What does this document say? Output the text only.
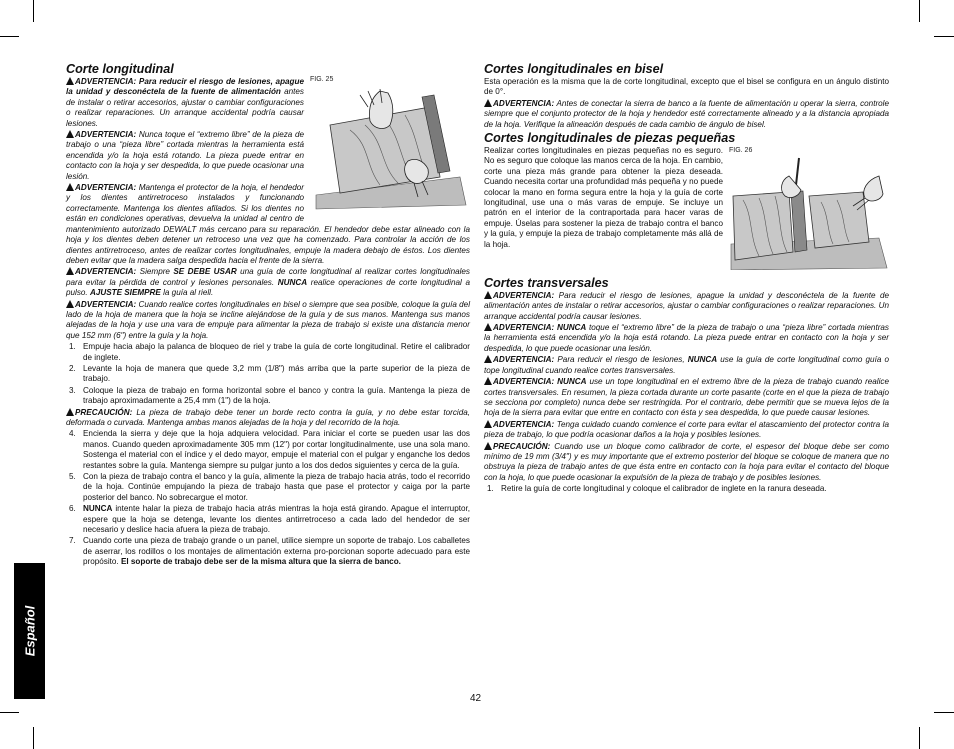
Corte longitudinal
FIG. 25

ADVERTENCIA: Para reducir el riesgo de lesiones, apague la unidad y desconéctela de la fuente de alimentación antes de instalar o retirar accesorios, ajustar o cambiar configuraciones o realizar reparaciones. Un arranque accidental podría causar lesiones.

ADVERTENCIA: Nunca toque el “extremo libre” de la pieza de trabajo o una “pieza libre” cortada mientras la herramienta está encendida y/o la hoja está rotando. La pieza puede entrar en contacto con la hoja y ser despedida, lo que puede ocasionar una lesión.

ADVERTENCIA: Mantenga el protector de la hoja, el hendedor y los dientes antirretroceso instalados y funcionando correctamente. Mantenga los dientes afilados. Si los dientes no están en condiciones operativas, devuelva la unidad al centro de mantenimiento autorizado DEWALT más cercano para su reparación. El hendedor debe estar alineado con la hoja y los dientes deben detener un retroceso una vez que ha comenzado. Para controlar la acción de los dientes antirretroceso, antes de realizar cortes longitudinales, empuje la madera debajo de éstos. Los dientes deben evitar que la madera salga despedida hacia el frente de la sierra.

ADVERTENCIA: Siempre SE DEBE USAR una guía de corte longitudinal al realizar cortes longitudinales para evitar la pérdida de control y lesiones personales. NUNCA realice operaciones de corte longitudinal a pulso. AJUSTE SIEMPRE la guía al riell.

ADVERTENCIA: Cuando realice cortes longitudinales en bisel o siempre que sea posible, coloque la guía del lado de la hoja de manera que la hoja se incline alejándose de la guía y de sus manos. Mantenga sus manos alejadas de la hoja y use una vara de empuje para alimentar la pieza de trabajo si existe una distancia menor que 152 mm (6") entre la guía y la hoja.

1. Empuje hacia abajo la palanca de bloqueo de riel y trabe la guía de corte longitudinal. Retire el calibrador de inglete.
2. Levante la hoja de manera que quede 3,2 mm (1/8") más arriba que la parte superior de la pieza de trabajo.
3. Coloque la pieza de trabajo en forma horizontal sobre el banco y contra la guía. Mantenga la pieza de trabajo aproximadamente a 25,4 mm (1") de la hoja.

PRECAUCIÓN: La pieza de trabajo debe tener un borde recto contra la guía, y no debe estar torcida, deformada o curvada. Mantenga ambas manos alejadas de la hoja y del recorrido de la hoja.

4. Encienda la sierra y deje que la hoja adquiera velocidad. Para iniciar el corte se pueden usar las dos manos. Cuando queden aproximadamente 305 mm (12") por cortar longitudinalmente, use una sola mano. Sostenga el material con el índice y el dedo mayor, empuje el material con el pulgar y enganche los dedos restantes sobre la guía. Mantenga siempre su pulgar junto a los dos dedos siguientes y cerca de la guía.
5. Con la pieza de trabajo contra el banco y la guía, alimente la pieza de trabajo hacia atrás, todo el recorrido de la hoja. Continúe empujando la pieza de trabajo hasta que pase el protector y caiga por la parte posterior del banco. No sobrecargue el motor.
6. NUNCA intente halar la pieza de trabajo hacia atrás mientras la hoja está girando. Apague el interruptor, espere que la hoja se detenga, levante los dientes antirretroceso a cada lado del hendedor de ser necesario y deslice hacia afuera la pieza de trabajo.
7. Cuando corte una pieza de trabajo grande o un panel, utilice siempre un soporte de trabajo. Los caballetes de aserrar, los rodillos o los montajes de alimentación externa pro-porcionan soporte adecuado para este propósito. El soporte de trabajo debe ser de la misma altura que la sierra de banco.
Cortes longitudinales en bisel

Esta operación es la misma que la de corte longitudinal, excepto que el bisel se configura en un ángulo distinto de 0°.

ADVERTENCIA: Antes de conectar la sierra de banco a la fuente de alimentación u operar la sierra, controle siempre que el conjunto protector de la hoja y hendedor esté correctamente alineado y a la distancia apropiada de la hoja. Verifique la alineación después de cada cambio de ángulo de bisel.

Cortes longitudinales de piezas pequeñas
FIG. 26

Realizar cortes longitudinales en piezas pequeñas no es seguro. No es seguro que coloque las manos cerca de la hoja. En cambio, corte una pieza más grande para obtener la pieza deseada. Cuando necesita cortar una profundidad más pequeña y no puede colocar la mano en forma segura entre la hoja y la guía de corte longitudinal, use una o más varas de empuje. Se incluye un patrón en el interior de la contraportada para hacer varas de empuje. Úselas para sostener la pieza de trabajo contra el banco y la guía, y empuje la pieza de trabajo completamente más allá de la hoja.

Cortes transversales

ADVERTENCIA: Para reducir el riesgo de lesiones, apague la unidad y desconéctela de la fuente de alimentación antes de instalar o retirar accesorios, ajustar o cambiar configuraciones o realizar reparaciones. Un arranque accidental podría causar lesiones.

ADVERTENCIA: NUNCA toque el “extremo libre” de la pieza de trabajo o una “pieza libre” cortada mientras la herramienta está encendida y/o la hoja está rotando. La pieza puede entrar en contacto con la hoja y ser despedida, lo que puede ocasionar una lesión.

ADVERTENCIA: Para reducir el riesgo de lesiones, NUNCA use la guía de corte longitudinal como guía o tope longitudinal cuando realice cortes transversales.

ADVERTENCIA: NUNCA use un tope longitudinal en el extremo libre de la pieza de trabajo cuando realice cortes transversales. En resumen, la pieza cortada durante un corte pasante (corte en el que la pieza de trabajo se secciona por completo) nunca debe ser restringida. Por el contrario, debe permitir que se mueva lejos de la hoja de la sierra para evitar que entre en contacto con ésta y sea despedida, lo que puede causar lesiones.

ADVERTENCIA: Tenga cuidado cuando comience el corte para evitar el atascamiento del protector contra la pieza de trabajo, lo que podría ocasionar daños a la hoja y posibles lesiones.

PRECAUCIÓN: Cuando use un bloque como calibrador de corte, el espesor del bloque debe ser como mínimo de 19 mm (3/4") y es muy importante que el extremo posterior del bloque se coloque de manera que no obstruya la pieza de trabajo antes de que ésta entre en contacto con la hoja para evitar el contacto del bloque con la hoja, lo que puede ocasionar la expulsión de la pieza de trabajo y de posibles lesiones.

1. Retire la guía de corte longitudinal y coloque el calibrador de inglete en la ranura deseada.
Español
42
